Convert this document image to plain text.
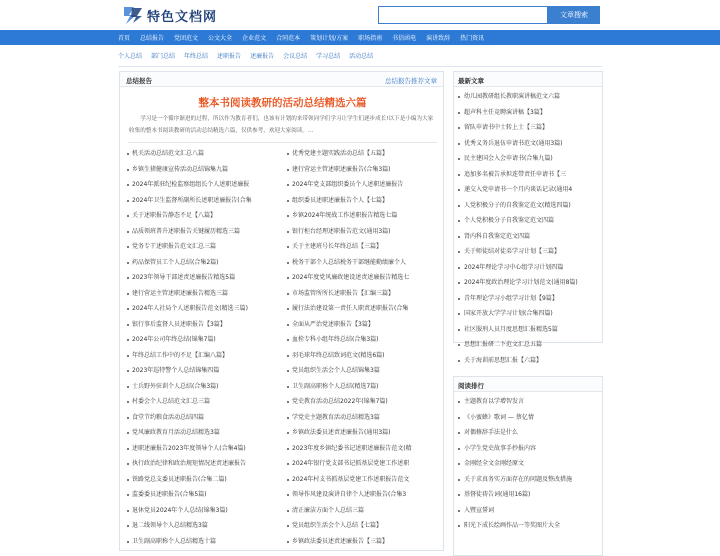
特色文档网	文章搜索
首页 总结报告 党团范文 公文大全 企业范文 合同范本 策划计划/方案 职场指南 书信函电 演讲致辞 热门资讯
个人总结 部门总结 年终总结 述职报告 述廉报告 会议总结 学习总结 活动总结
总结报告	总结报告推荐文章
整本书阅读教研的活动总结精选六篇
学习是一个循序渐进的过程，所以作为教育者们，也该有计划的来带领同学们学习让学生们逐步成长!以下是小编为大家收集的整本书阅读教研的活动总结精选六篇，仅供参考，欢迎大家阅读。...
机关活动总结范文汇总八篇
乡镇生猪健康宣传活动总结锦集九篇
2024年派驻纪检监察组组长个人述职述廉报
2024年卫生监督所副所长述职述廉报告(合集
关于述职报告静态不足【八篇】
品质领班普升述职报告关键履历精选三篇
党务专干述职报告范文汇总三篇
药品保管员工个人总结(合集2篇)
2023年领导干部述责述廉报告精选5篇
建行营运主管述职述廉报告精选三篇
2024年人社局个人述职报告范文(精选三篇)
银行事后监督人员述职报告【3篇】
2024年公司年终总结(锦集7篇)
年终总结工作中的不足【汇编八篇】
2023年巡特警个人总结锦集四篇
士兵野外驻训个人总结(合集3篇)
村委会个人总结范文汇总三篇
食堂节约粮食活动总结四篇
党风廉政教育月活动总结精选3篇
述职述廉报告2023年度领导个人(合集4篇)
执行政治纪律和政治规矩情况述责述廉报告
铁路党总支委员述职报告(合集二篇)
监委委员述职报告(合集5篇)
退休党员2024年个人总结(锦集3篇)
退二线领导个人总结精选3篇
卫生副高职称个人总结精选十篇
优秀党建主题实践活动总结【五篇】
建行营运主管述职述廉报告(合集3篇)
2024年党支部组织委员个人述职述廉报告
组织委员述职述廉报告个人【七篇】
乡镇2024年统战工作述职报告精选七篇
银行柜台经理述职报告范文(通用3篇)
关于主建班号长年终总结【三篇】
税务干部个人总结税务干部继能勤绩廉个人
2024年度党风廉政建设述责述廉报告精选七
市场监管所所长述职报告【汇编三篇】
履行法治建设第一责任人职责述职报告(合集
全面从严治党述职报告【3篇】
血栓专科小组年终总结(合集3篇)
羽毛球年终总结致词范文(精选6篇)
党员组织生活会个人总结锦集3篇
卫生副高职称个人总结(精选7篇)
党史教育活动总结2022年(锦集7篇)
学党史主题教育活动总结精选3篇
乡镇政法委员述责述廉报告(通用3篇)
2023年度乡镇纪委书记述职述廉报告范文(精
2024年银行党支部书记抓基层党建工作述职
2024年村支书抓基层党建工作述职报告范文
领导作风建设演讲自律个人述职报告(合集3
清正廉洁方面个人总结三篇
党员组织生活会个人总结【七篇】
乡镇政法委员述责述廉报告【三篇】
最新文章
幼儿园教研组长教职演讲稿范文六篇
超声科主任竞聘演讲稿【3篇】
留队申请书中士转上士【三篇】
优秀义务兵退伍申请书范文(通用3篇)
民主建国会入会申请书(合集九篇)
追加多名被告承担连带责任申请书【三
递交入党申请书一个月内谈话记录(通用4
人党积极分子的自我鉴定范文(精选四篇)
个人党积极分子自我鉴定范文四篇
肾内科自我鉴定范文四篇
关于师徒结对徒弟学习计划【三篇】
2024年理论学习中心组学习计划四篇
2024年度政治理论学习计划范文(通用8篇)
青年理论学习小组学习计划【9篇】
国家开放大学学习计划(合集四篇)
社区服刑人员月度思想汇报精选5篇
思想汇报研二下范文汇总五篇
关于海训前思想汇报【六篇】
阅读排行
主题教育以学增智发言
《小蜜蜂》歌词 — 蔡亿情
对偶修辞手法是什么
小学生党史故事手抄报内容
金刚经全文金刚经原文
关于求真务实方面存在的问题及整改措施
基督徒祷告词(通用16篇)
入暨宣誓词
阳光下成长绘画作品一等奖图片大全
